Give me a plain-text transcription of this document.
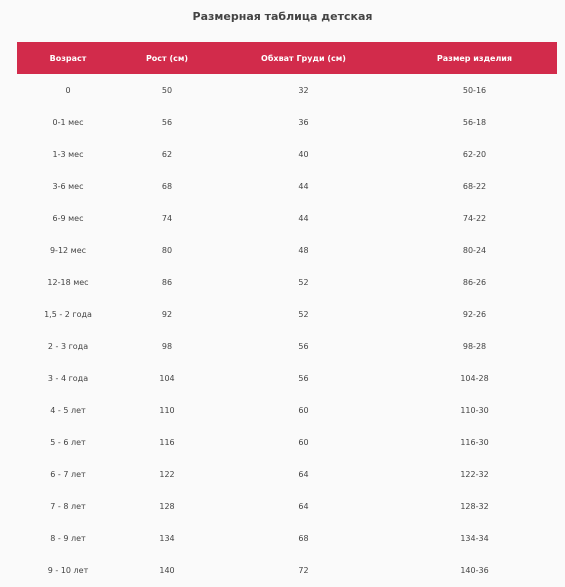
Размерная таблица детская
Возраст	Рост (см)	Обхват Груди (см)	Размер изделия
0	50	32	50-16
0-1 мес	56	36	56-18
1-3 мес	62	40	62-20
3-6 мес	68	44	68-22
6-9 мес	74	44	74-22
9-12 мес	80	48	80-24
12-18 мес	86	52	86-26
1,5 - 2 года	92	52	92-26
2 - 3 года	98	56	98-28
3 - 4 года	104	56	104-28
4 - 5 лет	110	60	110-30
5 - 6 лет	116	60	116-30
6 - 7 лет	122	64	122-32
7 - 8 лет	128	64	128-32
8 - 9 лет	134	68	134-34
9 - 10 лет	140	72	140-36
